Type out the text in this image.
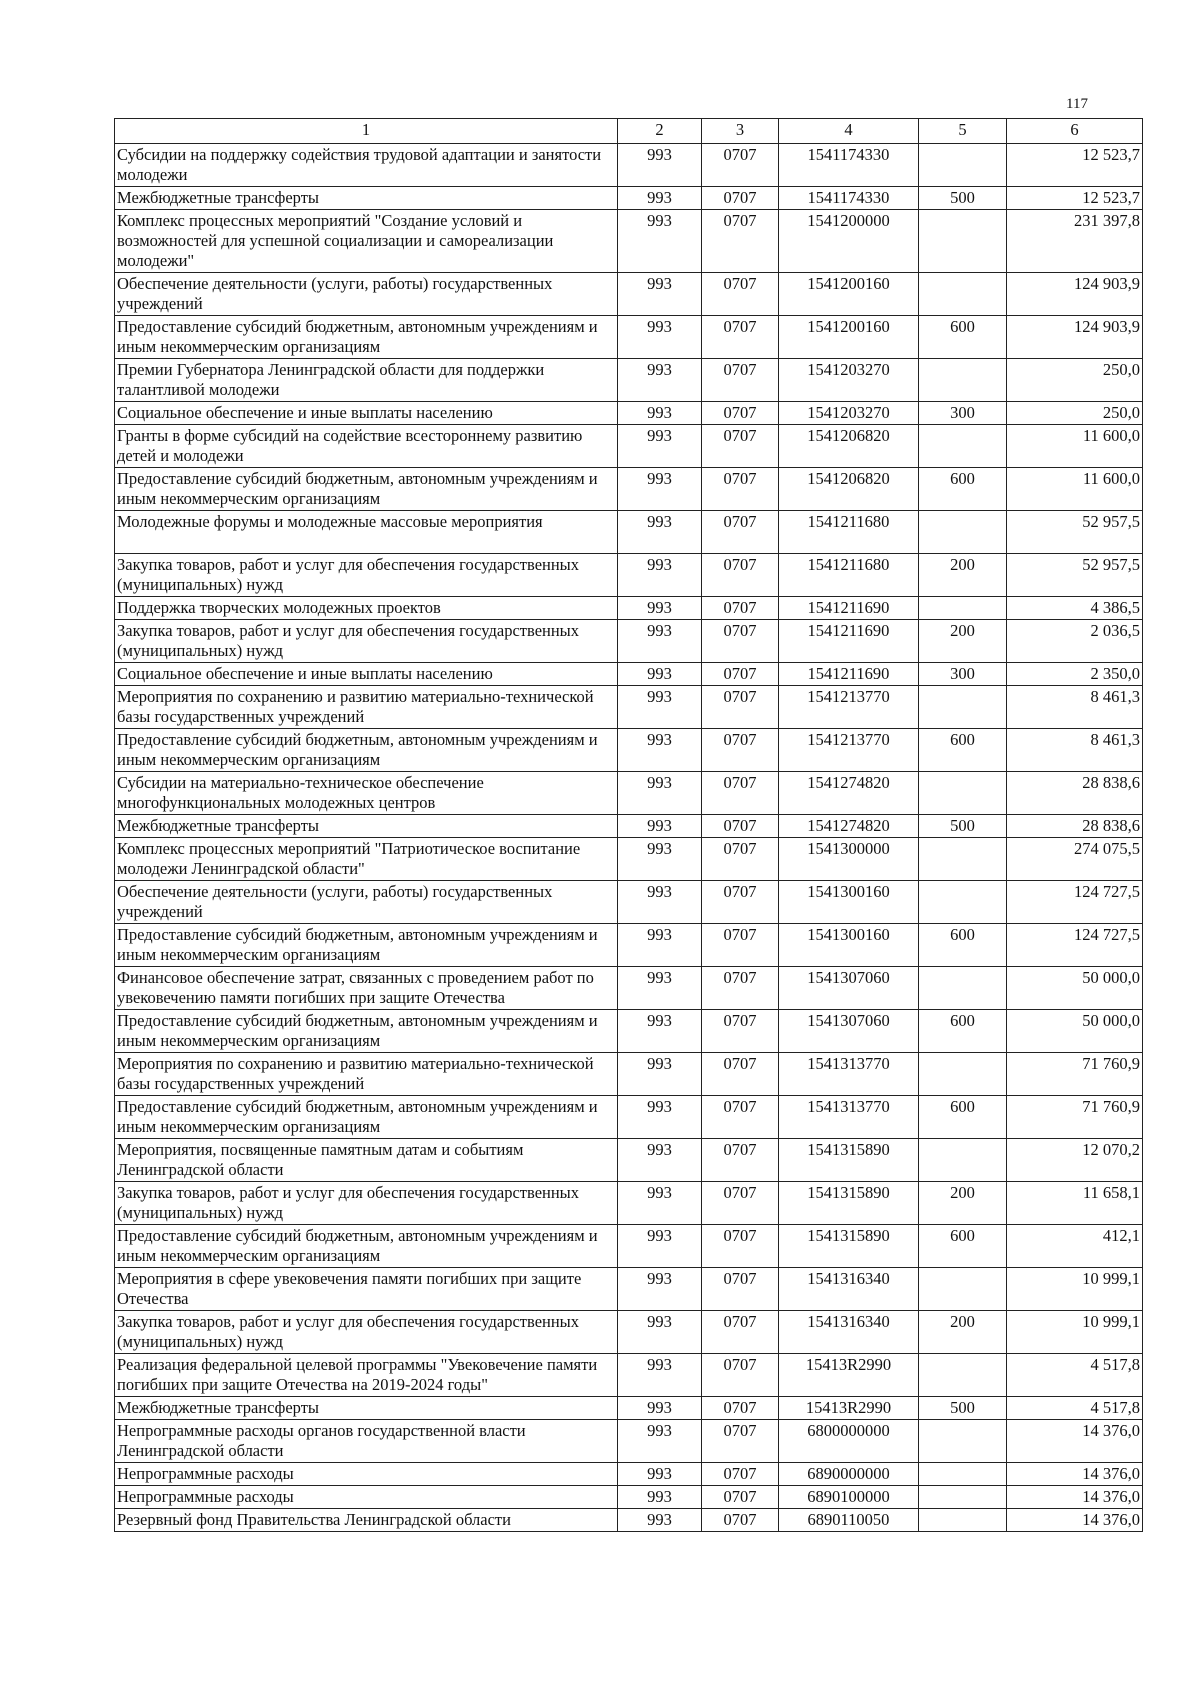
117
1	2	3	4	5	6
Субсидии на поддержку содействия трудовой адаптации и занятости молодежи	993	0707	1541174330		12 523,7
Межбюджетные трансферты	993	0707	1541174330	500	12 523,7
Комплекс процессных мероприятий "Создание условий и возможностей для успешной социализации и самореализации молодежи"	993	0707	1541200000		231 397,8
Обеспечение деятельности (услуги, работы) государственных учреждений	993	0707	1541200160		124 903,9
Предоставление субсидий бюджетным, автономным учреждениям и иным некоммерческим организациям	993	0707	1541200160	600	124 903,9
Премии Губернатора Ленинградской области для поддержки талантливой молодежи	993	0707	1541203270		250,0
Социальное обеспечение и иные выплаты населению	993	0707	1541203270	300	250,0
Гранты в форме субсидий на содействие всестороннему развитию детей и молодежи	993	0707	1541206820		11 600,0
Предоставление субсидий бюджетным, автономным учреждениям и иным некоммерческим организациям	993	0707	1541206820	600	11 600,0
Молодежные форумы и молодежные массовые мероприятия	993	0707	1541211680		52 957,5
Закупка товаров, работ и услуг для обеспечения государственных (муниципальных) нужд	993	0707	1541211680	200	52 957,5
Поддержка творческих молодежных проектов	993	0707	1541211690		4 386,5
Закупка товаров, работ и услуг для обеспечения государственных (муниципальных) нужд	993	0707	1541211690	200	2 036,5
Социальное обеспечение и иные выплаты населению	993	0707	1541211690	300	2 350,0
Мероприятия по сохранению и развитию материально-технической базы государственных учреждений	993	0707	1541213770		8 461,3
Предоставление субсидий бюджетным, автономным учреждениям и иным некоммерческим организациям	993	0707	1541213770	600	8 461,3
Субсидии на материально-техническое обеспечение многофункциональных молодежных центров	993	0707	1541274820		28 838,6
Межбюджетные трансферты	993	0707	1541274820	500	28 838,6
Комплекс процессных мероприятий "Патриотическое воспитание молодежи Ленинградской области"	993	0707	1541300000		274 075,5
Обеспечение деятельности (услуги, работы) государственных учреждений	993	0707	1541300160		124 727,5
Предоставление субсидий бюджетным, автономным учреждениям и иным некоммерческим организациям	993	0707	1541300160	600	124 727,5
Финансовое обеспечение затрат, связанных с проведением работ по увековечению памяти погибших при защите Отечества	993	0707	1541307060		50 000,0
Предоставление субсидий бюджетным, автономным учреждениям и иным некоммерческим организациям	993	0707	1541307060	600	50 000,0
Мероприятия по сохранению и развитию материально-технической базы государственных учреждений	993	0707	1541313770		71 760,9
Предоставление субсидий бюджетным, автономным учреждениям и иным некоммерческим организациям	993	0707	1541313770	600	71 760,9
Мероприятия, посвященные памятным датам и событиям Ленинградской области	993	0707	1541315890		12 070,2
Закупка товаров, работ и услуг для обеспечения государственных (муниципальных) нужд	993	0707	1541315890	200	11 658,1
Предоставление субсидий бюджетным, автономным учреждениям и иным некоммерческим организациям	993	0707	1541315890	600	412,1
Мероприятия в сфере увековечения памяти погибших при защите Отечества	993	0707	1541316340		10 999,1
Закупка товаров, работ и услуг для обеспечения государственных (муниципальных) нужд	993	0707	1541316340	200	10 999,1
Реализация федеральной целевой программы "Увековечение памяти погибших при защите Отечества на 2019-2024 годы"	993	0707	15413R2990		4 517,8
Межбюджетные трансферты	993	0707	15413R2990	500	4 517,8
Непрограммные расходы органов государственной власти Ленинградской области	993	0707	6800000000		14 376,0
Непрограммные расходы	993	0707	6890000000		14 376,0
Непрограммные расходы	993	0707	6890100000		14 376,0
Резервный фонд Правительства Ленинградской области	993	0707	6890110050		14 376,0
